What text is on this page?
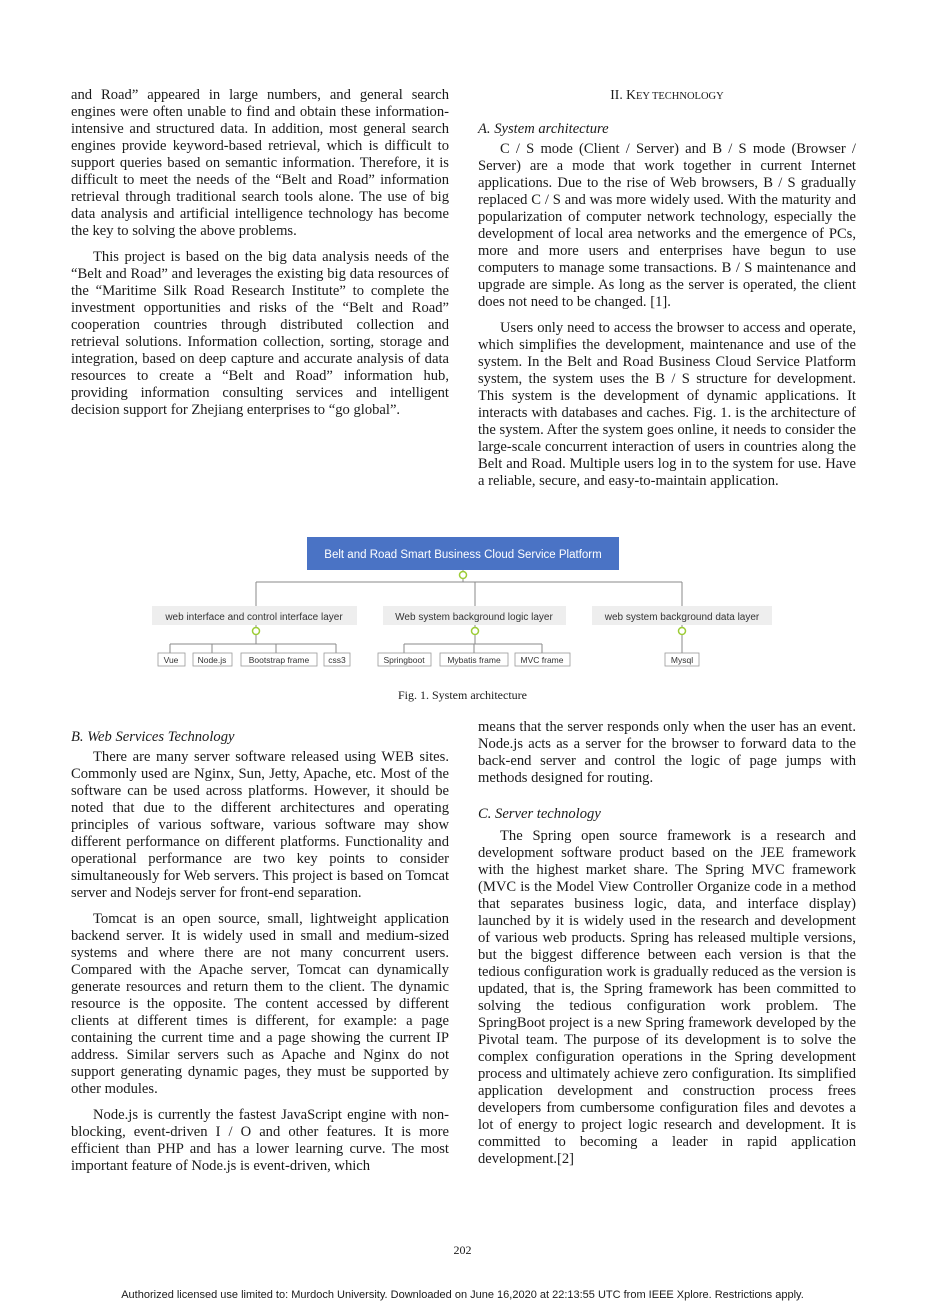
and Road” appeared in large numbers, and general search engines were often unable to find and obtain these information-intensive and structured data. In addition, most general search engines provide keyword-based retrieval, which is difficult to support queries based on semantic information. Therefore, it is difficult to meet the needs of the “Belt and Road” information retrieval through traditional search tools alone. The use of big data analysis and artificial intelligence technology has become the key to solving the above problems.

This project is based on the big data analysis needs of the “Belt and Road” and leverages the existing big data resources of the “Maritime Silk Road Research Institute” to complete the investment opportunities and risks of the “Belt and Road” cooperation countries through distributed collection and retrieval solutions. Information collection, sorting, storage and integration, based on deep capture and accurate analysis of data resources to create a “Belt and Road” information hub, providing information consulting services and intelligent decision support for Zhejiang enterprises to “go global”.

II. KEY TECHNOLOGY

A. System architecture

C / S mode (Client / Server) and B / S mode (Browser / Server) are a mode that work together in current Internet applications. Due to the rise of Web browsers, B / S gradually replaced C / S and was more widely used. With the maturity and popularization of computer network technology, especially the development of local area networks and the emergence of PCs, more and more users and enterprises have begun to use computers to manage some transactions. B / S maintenance and upgrade are simple. As long as the server is operated, the client does not need to be changed. [1].

Users only need to access the browser to access and operate, which simplifies the development, maintenance and use of the system. In the Belt and Road Business Cloud Service Platform system, the system uses the B / S structure for development. This system is the development of dynamic applications. It interacts with databases and caches. Fig. 1. is the architecture of the system. After the system goes online, it needs to consider the large-scale concurrent interaction of users in countries along the Belt and Road. Multiple users log in to the system for use. Have a reliable, secure, and easy-to-maintain application.

Belt and Road Smart Business Cloud Service Platform
web interface and control interface layer	Web system background logic layer	web system background data layer
Vue Node.js	Bootstrap frame css3	Springboot	Mybatis frame MVC frame	Mysql
Fig. 1. System architecture

B. Web Services Technology

There are many server software released using WEB sites. Commonly used are Nginx, Sun, Jetty, Apache, etc. Most of the software can be used across platforms. However, it should be noted that due to the different architectures and operating principles of various software, various software may show different performance on different platforms. Functionality and operational performance are two key points to consider simultaneously for Web servers. This project is based on Tomcat server and Nodejs server for front-end separation.

Tomcat is an open source, small, lightweight application backend server. It is widely used in small and medium-sized systems and where there are not many concurrent users. Compared with the Apache server, Tomcat can dynamically generate resources and return them to the client. The dynamic resource is the opposite. The content accessed by different clients at different times is different, for example: a page containing the current time and a page showing the current IP address. Similar servers such as Apache and Nginx do not support generating dynamic pages, they must be supported by other modules.

Node.js is currently the fastest JavaScript engine with non-blocking, event-driven I / O and other features. It is more efficient than PHP and has a lower learning curve. The most important feature of Node.js is event-driven, which

means that the server responds only when the user has an event. Node.js acts as a server for the browser to forward data to the back-end server and control the logic of page jumps with methods designed for routing.

C. Server technology

The Spring open source framework is a research and development software product based on the JEE framework with the highest market share. The Spring MVC framework (MVC is the Model View Controller Organize code in a method that separates business logic, data, and interface display) launched by it is widely used in the research and development of various web products. Spring has released multiple versions, but the biggest difference between each version is that the tedious configuration work is gradually reduced as the version is updated, that is, the Spring framework has been committed to solving the tedious configuration work problem. The SpringBoot project is a new Spring framework developed by the Pivotal team. The purpose of its development is to solve the complex configuration operations in the Spring development process and ultimately achieve zero configuration. Its simplified application development and construction process frees developers from cumbersome configuration files and devotes a lot of energy to project logic research and development. It is committed to becoming a leader in rapid application development.[2]

202
Authorized licensed use limited to: Murdoch University. Downloaded on June 16,2020 at 22:13:55 UTC from IEEE Xplore. Restrictions apply.
